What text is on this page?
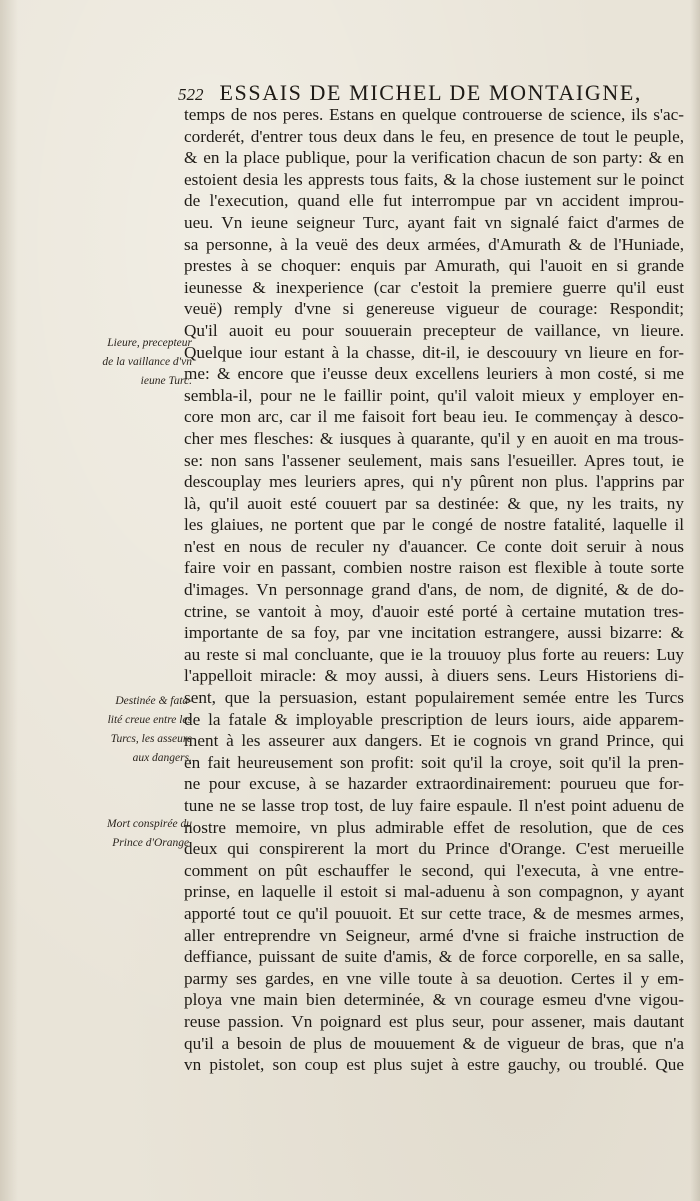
522 ESSAIS DE MICHEL DE MONTAIGNE,
temps de nos peres. Estans en quelque controuerse de science, ils s'ac-
corderét, d'entrer tous deux dans le feu, en presence de tout le peuple,
& en la place publique, pour la verification chacun de son party: & en
estoient desia les apprests tous faits, & la chose iustement sur le poinct
de l'execution, quand elle fut interrompue par vn accident improu-
ueu. Vn ieune seigneur Turc, ayant fait vn signalé faict d'armes de
sa personne, à la veuë des deux armées, d'Amurath & de l'Huniade,
prestes à se choquer: enquis par Amurath, qui l'auoit en si grande
ieunesse & inexperience (car c'estoit la premiere guerre qu'il eust
veuë) remply d'vne si genereuse vigueur de courage: Respondit;
Qu'il auoit eu pour souuerain precepteur de vaillance, vn lieure.
Quelque iour estant à la chasse, dit-il, ie descouury vn lieure en for-
me: & encore que i'eusse deux excellens leuriers à mon costé, si me
sembla-il, pour ne le faillir point, qu'il valoit mieux y employer en-
core mon arc, car il me faisoit fort beau ieu. Ie commençay à desco-
cher mes flesches: & iusques à quarante, qu'il y en auoit en ma trous-
se: non sans l'assener seulement, mais sans l'esueiller. Apres tout, ie
descouplay mes leuriers apres, qui n'y pûrent non plus. l'apprins par
là, qu'il auoit esté couuert par sa destinée: & que, ny les traits, ny
les glaiues, ne portent que par le congé de nostre fatalité, laquelle il
n'est en nous de reculer ny d'auancer. Ce conte doit seruir à nous
faire voir en passant, combien nostre raison est flexible à toute sorte
d'images. Vn personnage grand d'ans, de nom, de dignité, & de do-
ctrine, se vantoit à moy, d'auoir esté porté à certaine mutation tres-
importante de sa foy, par vne incitation estrangere, aussi bizarre: &
au reste si mal concluante, que ie la trouuoy plus forte au reuers: Luy
l'appelloit miracle: & moy aussi, à diuers sens. Leurs Historiens di-
sent, que la persuasion, estant populairement semée entre les Turcs
de la fatale & imployable prescription de leurs iours, aide apparem-
ment à les asseurer aux dangers. Et ie cognois vn grand Prince, qui
en fait heureusement son profit: soit qu'il la croye, soit qu'il la pren-
ne pour excuse, à se hazarder extraordinairement: pourueu que for-
tune ne se lasse trop tost, de luy faire espaule. Il n'est point aduenu de
nostre memoire, vn plus admirable effet de resolution, que de ces
deux qui conspirerent la mort du Prince d'Orange. C'est merueille
comment on pût eschauffer le second, qui l'executa, à vne entre-
prinse, en laquelle il estoit si mal-aduenu à son compagnon, y ayant
apporté tout ce qu'il pouuoit. Et sur cette trace, & de mesmes armes,
aller entreprendre vn Seigneur, armé d'vne si fraiche instruction de
deffiance, puissant de suite d'amis, & de force corporelle, en sa salle,
parmy ses gardes, en vne ville toute à sa deuotion. Certes il y em-
ploya vne main bien determinée, & vn courage esmeu d'vne vigou-
reuse passion. Vn poignard est plus seur, pour assener, mais dautant
qu'il a besoin de plus de mouuement & de vigueur de bras, que n'a
vn pistolet, son coup est plus sujet à estre gauchy, ou troublé. Que
Lieure, precepteur
de la vaillance d'vn
ieune Turc.
Destinée & fata-
lité creue entre les
Turcs, les asseure
aux dangers.
Mort conspirée du
Prince d'Orange.
